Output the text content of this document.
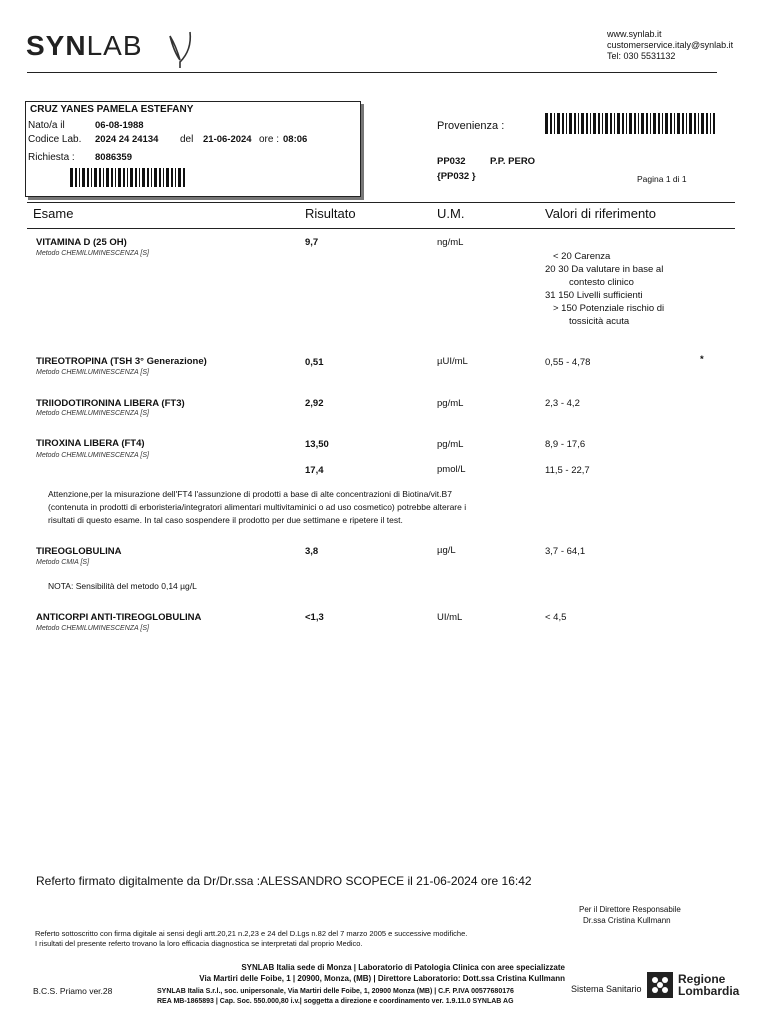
SYNLAB	www.synlab.it
customerservice.italy@synlab.it
Tel: 030 5531132
CRUZ YANES PAMELA ESTEFANY
Nato/a il	06-08-1988
Codice Lab. 2024 24 24134 del 21-06-2024 ore : 08:06
Richiesta : 8086359
Provenienza :
PP032	P.P. PERO
{PP032 }	Pagina 1 di 1
Esame	Risultato	U.M.	Valori di riferimento
VITAMINA D (25 OH)
Metodo CHEMILUMINESCENZA [S]
9,7	ng/mL
< 20 Carenza
20 30 Da valutare in base al
contesto clinico
31 150 Livelli sufficienti
> 150 Potenziale rischio di
tossicità acuta
TIREOTROPINA (TSH 3° Generazione)
Metodo CHEMILUMINESCENZA [S]
0,51	µUI/mL	0,55 - 4,78	*
TRIIODOTIRONINA LIBERA (FT3)
Metodo CHEMILUMINESCENZA [S]
2,92	pg/mL	2,3 - 4,2
TIROXINA LIBERA (FT4)
Metodo CHEMILUMINESCENZA [S]
13,50	pg/mL	8,9 - 17,6
17,4	pmol/L	11,5 - 22,7
Attenzione,per la misurazione dell'FT4 l'assunzione di prodotti a base di alte concentrazioni di Biotina/vit.B7
(contenuta in prodotti di erboristeria/integratori alimentari multivitaminici o ad uso cosmetico) potrebbe alterare i
risultati di questo esame. In tal caso sospendere il prodotto per due settimane e ripetere il test.
TIREOGLOBULINA
Metodo CMIA [S]
3,8	µg/L	3,7 - 64,1
NOTA: Sensibilità del metodo 0,14 µg/L
ANTICORPI ANTI-TIREOGLOBULINA
Metodo CHEMILUMINESCENZA [S]
<1,3	UI/mL	< 4,5
Referto firmato digitalmente da Dr/Dr.ssa :ALESSANDRO SCOPECE il 21-06-2024 ore 16:42
Per il Direttore Responsabile
Dr.ssa Cristina Kullmann
Referto sottoscritto con firma digitale ai sensi degli artt.20,21 n.2,23 e 24 del D.Lgs n.82 del 7 marzo 2005 e successive modifiche.
I risultati del presente referto trovano la loro efficacia diagnostica se interpretati dal proprio Medico.
SYNLAB Italia sede di Monza | Laboratorio di Patologia Clinica con aree specializzate
Via Martiri delle Foibe, 1 | 20900, Monza, (MB) | Direttore Laboratorio: Dott.ssa Cristina Kullmann
SYNLAB Italia S.r.l., soc. unipersonale, Via Martiri delle Foibe, 1, 20900 Monza (MB) | C.F. P.IVA 00577680176
REA MB-1865893 | Cap. Soc. 550.000,80 i.v.| soggetta a direzione e coordinamento ver. 1.9.11.0 SYNLAB AG
B.C.S. Priamo ver.28	Sistema Sanitario
Regione
Lombardia
